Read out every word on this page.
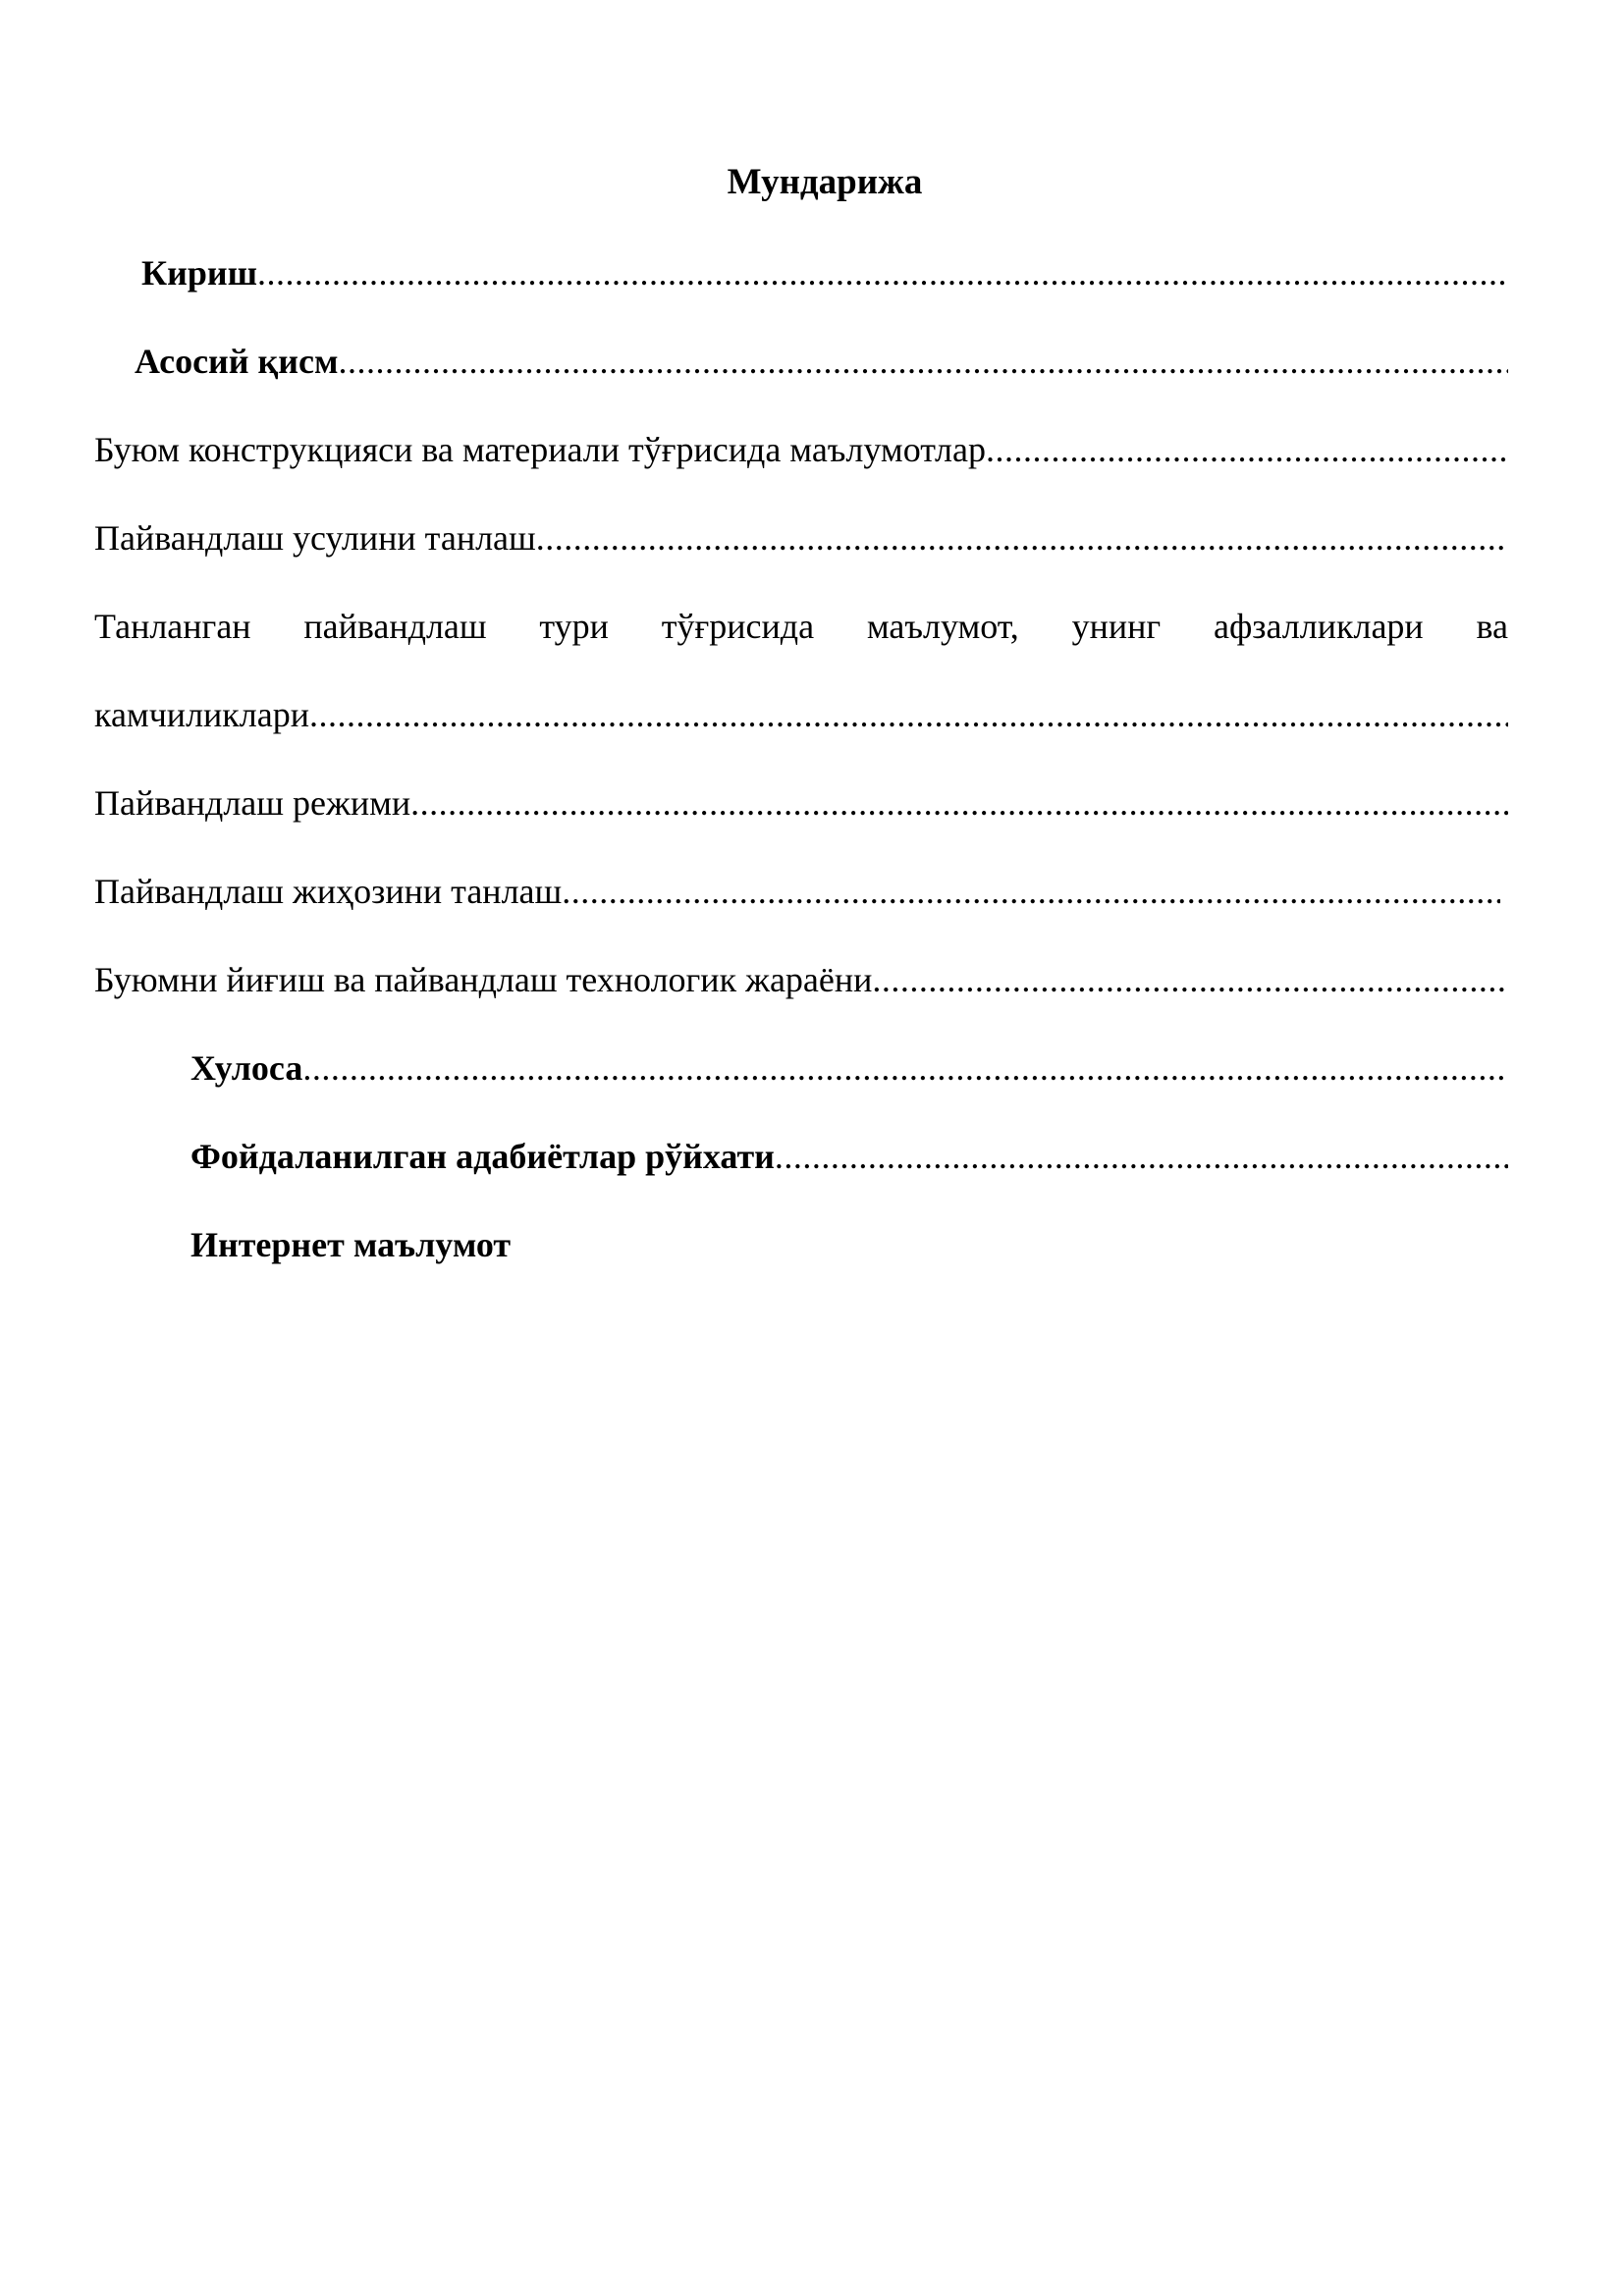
Мундарижа
Кириш
.....
Асосий қисм
.....
Буюм конструкцияси ва материали тўғрисида маълумотлар
.....
Пайвандлаш усулини танлаш
.....
Танланган пайвандлаш тури тўғрисида маълумот, унинг афзалликлари ва
камчиликлари
.....
Пайвандлаш режими
.....
Пайвандлаш жиҳозини танлаш
.....
Буюмни йиғиш ва пайвандлаш технологик жараёни
.....
Хулоса
.....
Фойдаланилган адабиётлар рўйхати
.....
Интернет маълумот
